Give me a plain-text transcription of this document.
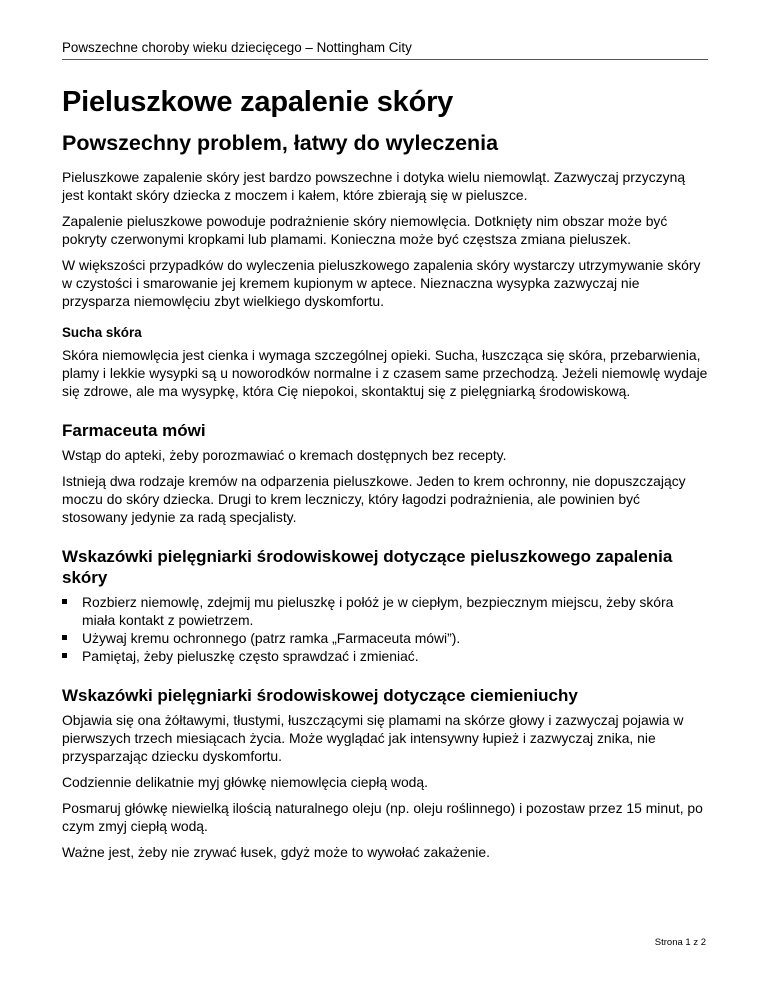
Powszechne choroby wieku dziecięcego – Nottingham City
Pieluszkowe zapalenie skóry
Powszechny problem, łatwy do wyleczenia

Pieluszkowe zapalenie skóry jest bardzo powszechne i dotyka wielu niemowląt. Zazwyczaj przyczyną jest kontakt skóry dziecka z moczem i kałem, które zbierają się w pieluszce.

Zapalenie pieluszkowe powoduje podrażnienie skóry niemowlęcia. Dotknięty nim obszar może być pokryty czerwonymi kropkami lub plamami. Konieczna może być częstsza zmiana pieluszek.

W większości przypadków do wyleczenia pieluszkowego zapalenia skóry wystarczy utrzymywanie skóry w czystości i smarowanie jej kremem kupionym w aptece. Nieznaczna wysypka zazwyczaj nie przysparza niemowlęciu zbyt wielkiego dyskomfortu.

Sucha skóra

Skóra niemowlęcia jest cienka i wymaga szczególnej opieki. Sucha, łuszcząca się skóra, przebarwienia, plamy i lekkie wysypki są u noworodków normalne i z czasem same przechodzą. Jeżeli niemowlę wydaje się zdrowe, ale ma wysypkę, która Cię niepokoi, skontaktuj się z pielęgniarką środowiskową.

Farmaceuta mówi

Wstąp do apteki, żeby porozmawiać o kremach dostępnych bez recepty.

Istnieją dwa rodzaje kremów na odparzenia pieluszkowe. Jeden to krem ochronny, nie dopuszczający moczu do skóry dziecka. Drugi to krem leczniczy, który łagodzi podrażnienia, ale powinien być stosowany jedynie za radą specjalisty.

Wskazówki pielęgniarki środowiskowej dotyczące pieluszkowego zapalenia skóry
Rozbierz niemowlę, zdejmij mu pieluszkę i połóż je w ciepłym, bezpiecznym miejscu, żeby skóra miała kontakt z powietrzem.
Używaj kremu ochronnego (patrz ramka „Farmaceuta mówi”).
Pamiętaj, żeby pieluszkę często sprawdzać i zmieniać.
Wskazówki pielęgniarki środowiskowej dotyczące ciemieniuchy

Objawia się ona żółtawymi, tłustymi, łuszczącymi się plamami na skórze głowy i zazwyczaj pojawia w pierwszych trzech miesiącach życia. Może wyglądać jak intensywny łupież i zazwyczaj znika, nie przysparzając dziecku dyskomfortu.

Codziennie delikatnie myj główkę niemowlęcia ciepłą wodą.

Posmaruj główkę niewielką ilością naturalnego oleju (np. oleju roślinnego) i pozostaw przez 15 minut, po czym zmyj ciepłą wodą.

Ważne jest, żeby nie zrywać łusek, gdyż może to wywołać zakażenie.

Strona 1 z 2
